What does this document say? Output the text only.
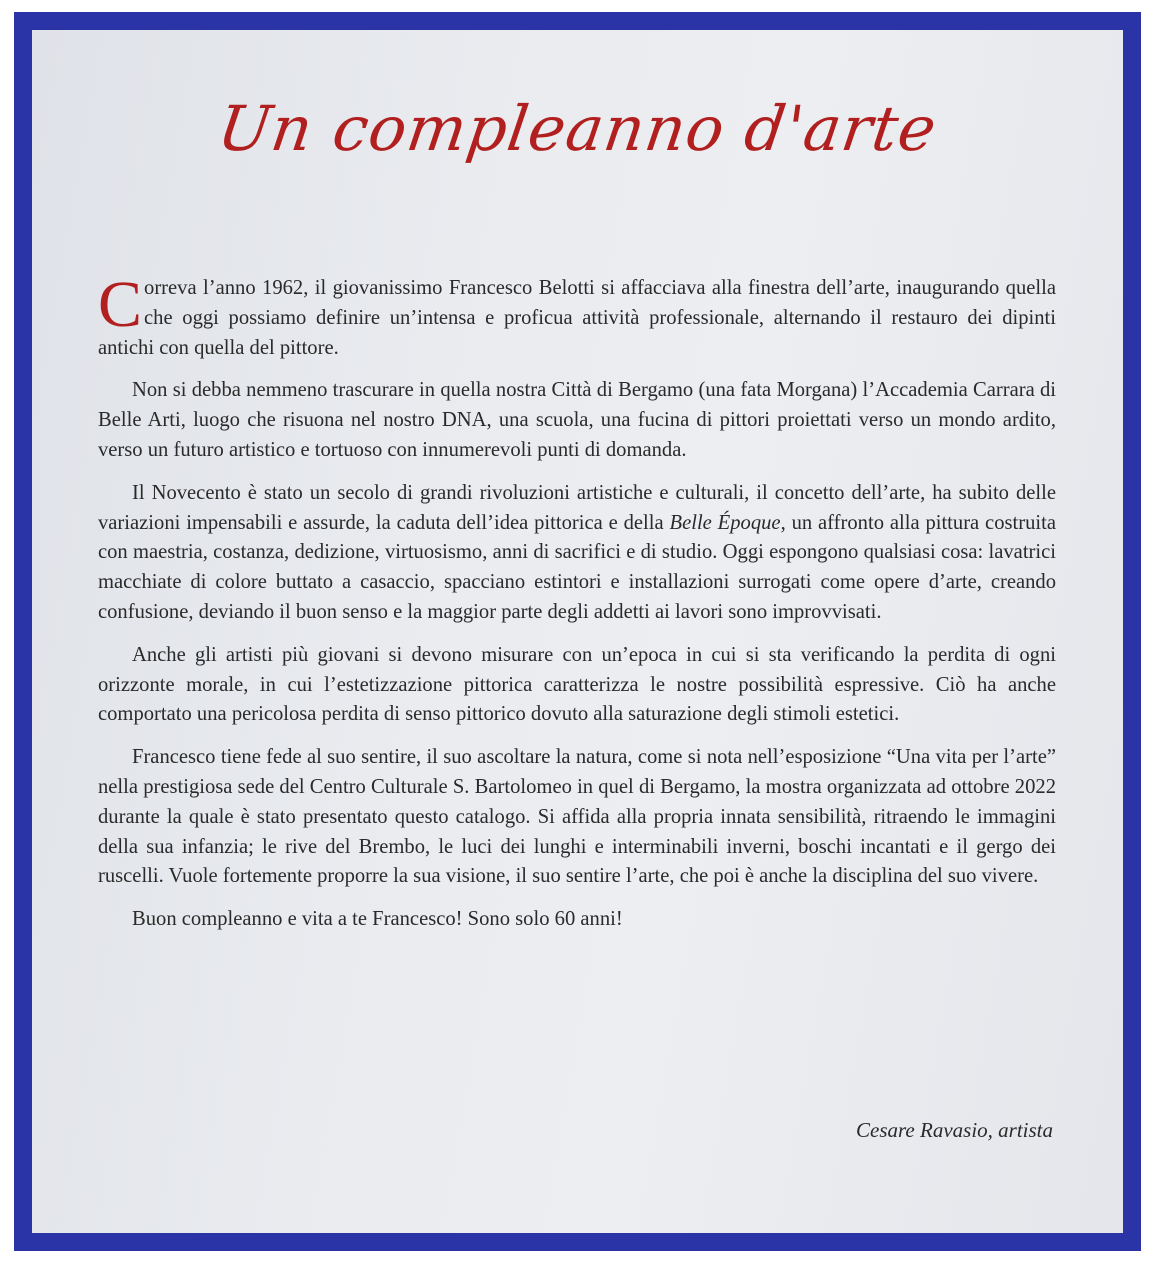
Un compleanno d'arte

Correva l’anno 1962, il giovanissimo Francesco Belotti si affacciava alla finestra dell’arte, inaugurando quella che oggi possiamo definire un’intensa e proficua attività professionale, alternando il restauro dei dipinti antichi con quella del pittore.

Non si debba nemmeno trascurare in quella nostra Città di Bergamo (una fata Morgana) l’Accademia Carrara di Belle Arti, luogo che risuona nel nostro DNA, una scuola, una fucina di pittori proiettati verso un mondo ardito, verso un futuro artistico e tortuoso con innumerevoli punti di domanda.

Il Novecento è stato un secolo di grandi rivoluzioni artistiche e culturali, il concetto dell’arte, ha subito delle variazioni impensabili e assurde, la caduta dell’idea pittorica e della Belle Époque, un affronto alla pittura costruita con maestria, costanza, dedizione, virtuosismo, anni di sacrifici e di studio. Oggi espongono qualsiasi cosa: lavatrici macchiate di colore buttato a casaccio, spacciano estintori e installazioni surrogati come opere d’arte, creando confusione, deviando il buon senso e la maggior parte degli addetti ai lavori sono improvvisati.

Anche gli artisti più giovani si devono misurare con un’epoca in cui si sta verificando la perdita di ogni orizzonte morale, in cui l’estetizzazione pittorica caratterizza le nostre possibilità espressive. Ciò ha anche comportato una pericolosa perdita di senso pittorico dovuto alla saturazione degli stimoli estetici.

Francesco tiene fede al suo sentire, il suo ascoltare la natura, come si nota nell’esposizione “Una vita per l’arte” nella prestigiosa sede del Centro Culturale S. Bartolomeo in quel di Bergamo, la mostra organizzata ad ottobre 2022 durante la quale è stato presentato questo catalogo. Si affida alla propria innata sensibilità, ritraendo le immagini della sua infanzia; le rive del Brembo, le luci dei lunghi e interminabili inverni, boschi incantati e il gergo dei ruscelli. Vuole fortemente proporre la sua visione, il suo sentire l’arte, che poi è anche la disciplina del suo vivere.

Buon compleanno e vita a te Francesco! Sono solo 60 anni!

Cesare Ravasio, artista
